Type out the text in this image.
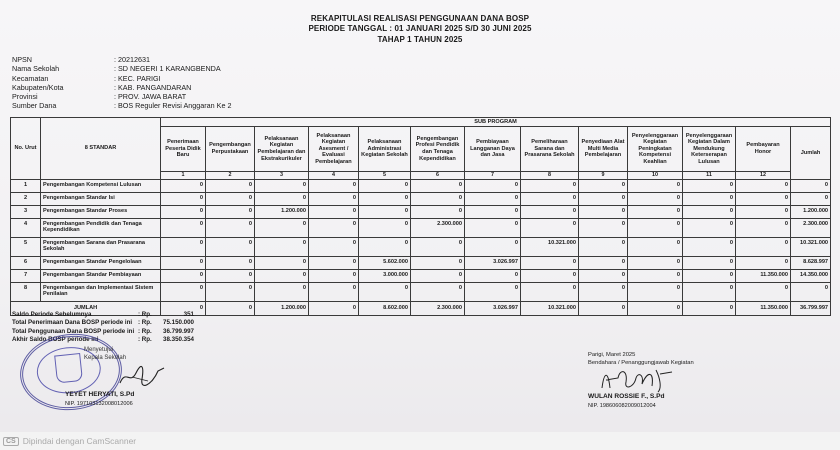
REKAPITULASI REALISASI PENGGUNAAN DANA BOSP
PERIODE TANGGAL : 01 JANUARI 2025 S/D 30 JUNI 2025
TAHAP 1 TAHUN 2025
NPSN	: 20212631
Nama Sekolah	: SD NEGERI 1 KARANGBENDA
Kecamatan	: KEC. PARIGI
Kabupaten/Kota	: KAB. PANGANDARAN
Provinsi	: PROV. JAWA BARAT
Sumber Dana	: BOS Reguler Revisi Anggaran Ke 2
No. Urut	8 STANDAR	SUB PROGRAM												
		Penerimaan Peserta Didik Baru	Pengembangan Perpustakaan	Pelaksanaan Kegiatan Pembelajaran dan Ekstrakurikuler	Pelaksanaan Kegiatan Asesment / Evaluasi Pembelajaran	Pelaksanaan Administrasi Kegiatan Sekolah	Pengembangan Profesi Pendidik dan Tenaga Kependidikan	Pembiayaan Langganan Daya dan Jasa	Pemeliharaan Sarana dan Prasarana Sekolah	Penyediaan Alat Multi Media Pembelajaran	Penyelenggaraan Kegiatan Peningkatan Kompetensi Keahlian	Penyelenggaraan Kegiatan Dalam Mendukung Keterserapan Lulusan	Pembayaran Honor	Jumlah
		1	2	3	4	5	6	7	8	9	10	11	12	
1	Pengembangan Kompetensi Lulusan	0	0	0	0	0	0	0	0	0	0	0	0	0
2	Pengembangan Standar Isi	0	0	0	0	0	0	0	0	0	0	0	0	0
3	Pengembangan Standar Proses	0	0	1.200.000	0	0	0	0	0	0	0	0	0	1.200.000
4	Pengembangan Pendidik dan Tenaga Kependidikan	0	0	0	0	0	2.300.000	0	0	0	0	0	0	2.300.000
5	Pengembangan Sarana dan Prasarana Sekolah	0	0	0	0	0	0	0	10.321.000	0	0	0	0	10.321.000
6	Pengembangan Standar Pengelolaan	0	0	0	0	5.602.000	0	3.026.997	0	0	0	0	0	8.628.997
7	Pengembangan Standar Pembiayaan	0	0	0	0	3.000.000	0	0	0	0	0	0	11.350.000	14.350.000
8	Pengembangan dan Implementasi Sistem Penilaian	0	0	0	0	0	0	0	0	0	0	0	0	0
JUMLAH		0	0	1.200.000	0	8.602.000	2.300.000	3.026.997	10.321.000	0	0	0	11.350.000	36.799.997
Saldo Periode Sebelumnya	: Rp.	351
Total Penerimaan Dana BOSP periode ini : Rp.	75.150.000
Total Penggunaan Dana BOSP periode ini : Rp.	36.799.997
Akhir Saldo BOSP periode ini	: Rp.	38.350.354
Menyetujui
Kepala Sekolah
YEYET HERYATI, S.Pd
NIP. 197103132008012006
Parigi, Maret 2025
Bendahara / Penanggungjawab Kegiatan
WULAN ROSSIE F., S.Pd
NIP. 198606082009012004
CS Dipindai dengan CamScanner
